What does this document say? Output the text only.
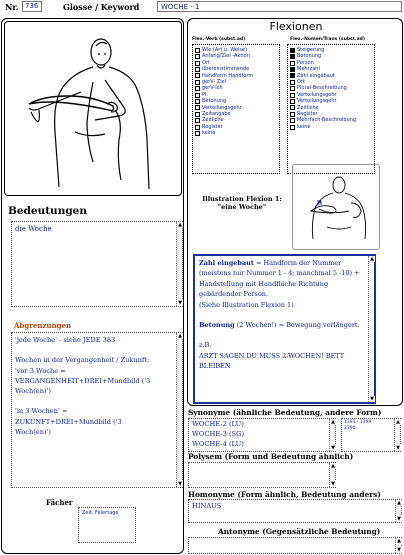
Nr. 736	Glosse / Keyword	WOCHE - 1
Bedeutungen
die Woche
▲ ▼
Abgrenzungen
'jede Woche' - siehe JEDE 383
Wochen in der Vergangenheit / Zukunft:
'vor 3 Woche =
VERGANGENHEIT+DREI+Mundbild ('3
Woch(en)')
'in 3 Wochen' =
ZUKUNFT+DREI+Mundbild ('3
Woch(en)')
▲ ▼
Fächer
Zeit, Feiertage
Flexionen
Flex.-Verb (subst.ad)	Flex.-Nomen/Trans (subst.ad)
Wie (Art u. Weise)
Anfang/Ziel -Aktion
Ort
übereinstimmende
Handform Handform
gerV- Ziel
gerV-Ich
Pl.
Betonung
Verteilungsgehr
Zeitangabe
Zeitliche
Register
keine
Steigerung
Betonung
Person
Mehrzahl
Zahl eingebaut
Ort
Plural-Beschreibung
Verteilungsgehr
Verteilungsgehr
Zeitliche
Register
Mehrfach-Beschreibung
keine
Illustration Flexion 1:
"eine Woche"
Zahl eingebaut = Handform der Nummer (meistens nur Nummer 1 - 4; manchmal 5 -10) + Handstellung mit Handfläche Richtung gebärdender Person.
(Siehe Illustration Flexion 1)
Betonung (2 Wochen!) = Bewegung verlängert.
z.B.
ARZT SAGEN DU MUSS 2-WOCHEN! BETT BLEIBEN
▲ ▼
Synonyme (ähnliche Bedeutung, andere Form)
WOCHE-2 (LU)
WOCHE-3 (SG)
WOCHE-4 (LU)
▲ ▼
1391 - 1399
2390
▲ ▼
Polysem (Form und Bedeutung ähnlich)
▲ ▼
Homonyme (Form ähnlich, Bedeutung anders)
HINAUS
▲ ▼
Antonyme (Gegensätzliche Bedeutung)
▲ ▼
